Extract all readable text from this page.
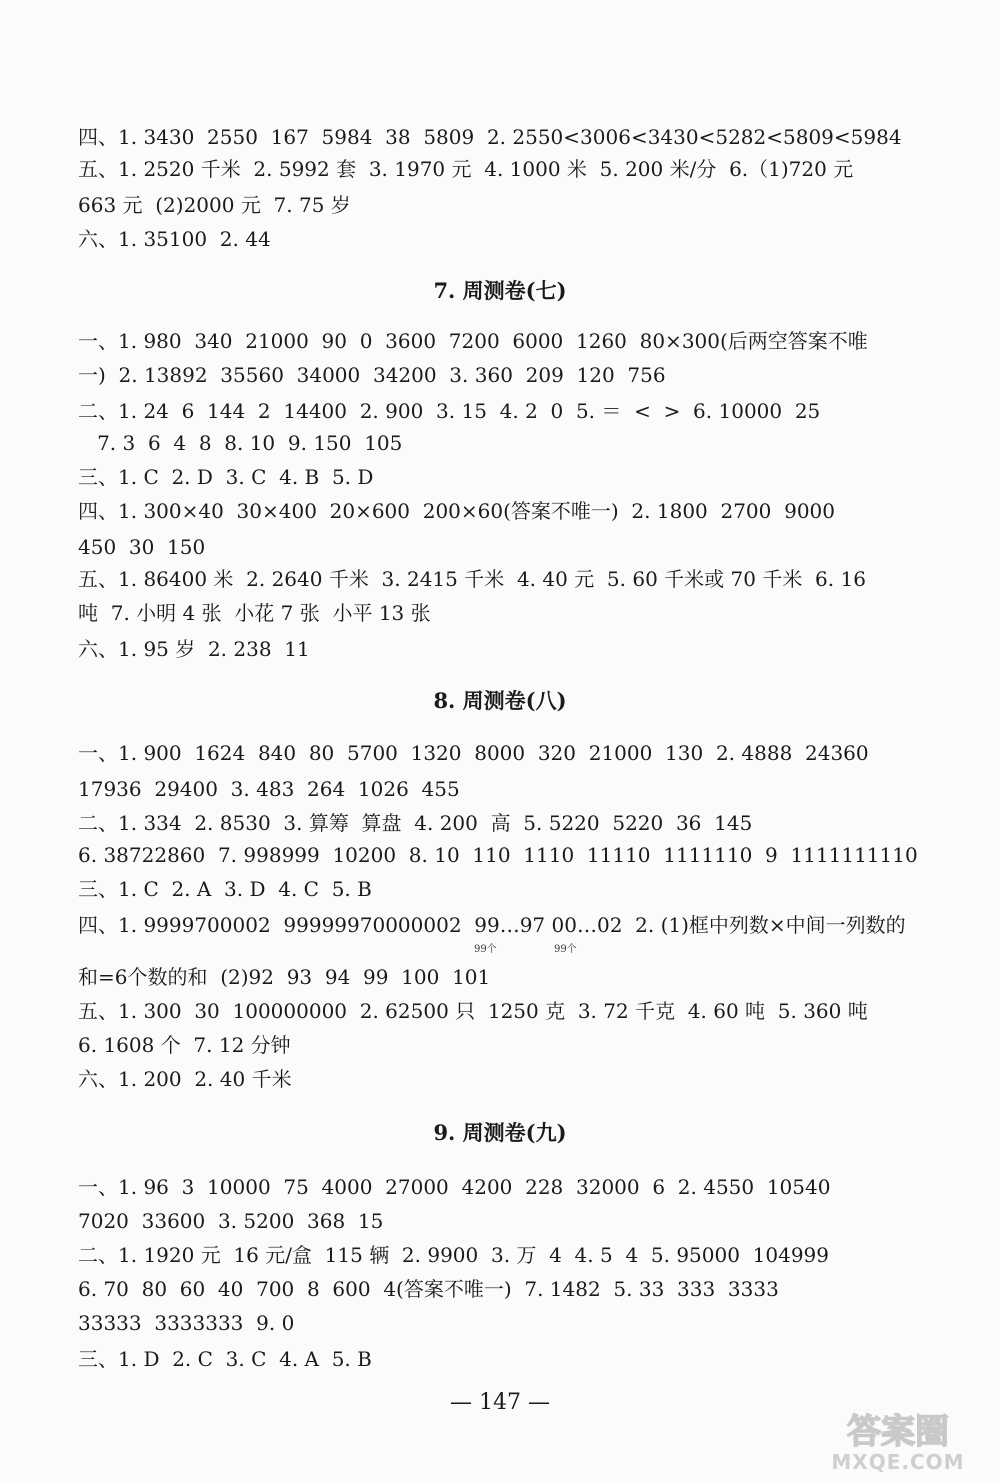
四、1. 3430  2550  167  5984  38  5809  2. 2550<3006<3430<5282<5809<5984
五、1. 2520 千米  2. 5992 套  3. 1970 元  4. 1000 米  5. 200 米/分  6.（1)720 元
663 元  (2)2000 元  7. 75 岁
六、1. 35100  2. 44
7. 周测卷(七)
一、1. 980  340  21000  90  0  3600  7200  6000  1260  80×300(后两空答案不唯
一)  2. 13892  35560  34000  34200  3. 360  209  120  756
二、1. 24  6  144  2  14400  2. 900  3. 15  4. 2  0  5. ＝  <  >  6. 10000  25
7. 3  6  4  8  8. 10  9. 150  105
三、1. C  2. D  3. C  4. B  5. D
四、1. 300×40  30×400  20×600  200×60(答案不唯一)  2. 1800  2700  9000
450  30  150
五、1. 86400 米  2. 2640 千米  3. 2415 千米  4. 40 元  5. 60 千米或 70 千米  6. 16
吨  7. 小明 4 张  小花 7 张  小平 13 张
六、1. 95 岁  2. 238  11
8. 周测卷(八)
一、1. 900  1624  840  80  5700  1320  8000  320  21000  130  2. 4888  24360
17936  29400  3. 483  264  1026  455
二、1. 334  2. 8530  3. 算筹  算盘  4. 200  高  5. 5220  5220  36  145
6. 38722860  7. 998999  10200  8. 10  110  1110  11110  1111110  9  1111111110
三、1. C  2. A  3. D  4. C  5. B
四、1. 9999700002  99999970000002  99…97 00…02  2. (1)框中列数×中间一列数的
99个	99个
和=6个数的和  (2)92  93  94  99  100  101
五、1. 300  30  100000000  2. 62500 只  1250 克  3. 72 千克  4. 60 吨  5. 360 吨
6. 1608 个  7. 12 分钟
六、1. 200  2. 40 千米
9. 周测卷(九)
一、1. 96  3  10000  75  4000  27000  4200  228  32000  6  2. 4550  10540
7020  33600  3. 5200  368  15
二、1. 1920 元  16 元/盒  115 辆  2. 9900  3. 万  4  4. 5  4  5. 95000  104999
6. 70  80  60  40  700  8  600  4(答案不唯一)  7. 1482  5. 33  333  3333
33333  3333333  9. 0
三、1. D  2. C  3. C  4. A  5. B
— 147 —
答案圈
MXQE.COM
